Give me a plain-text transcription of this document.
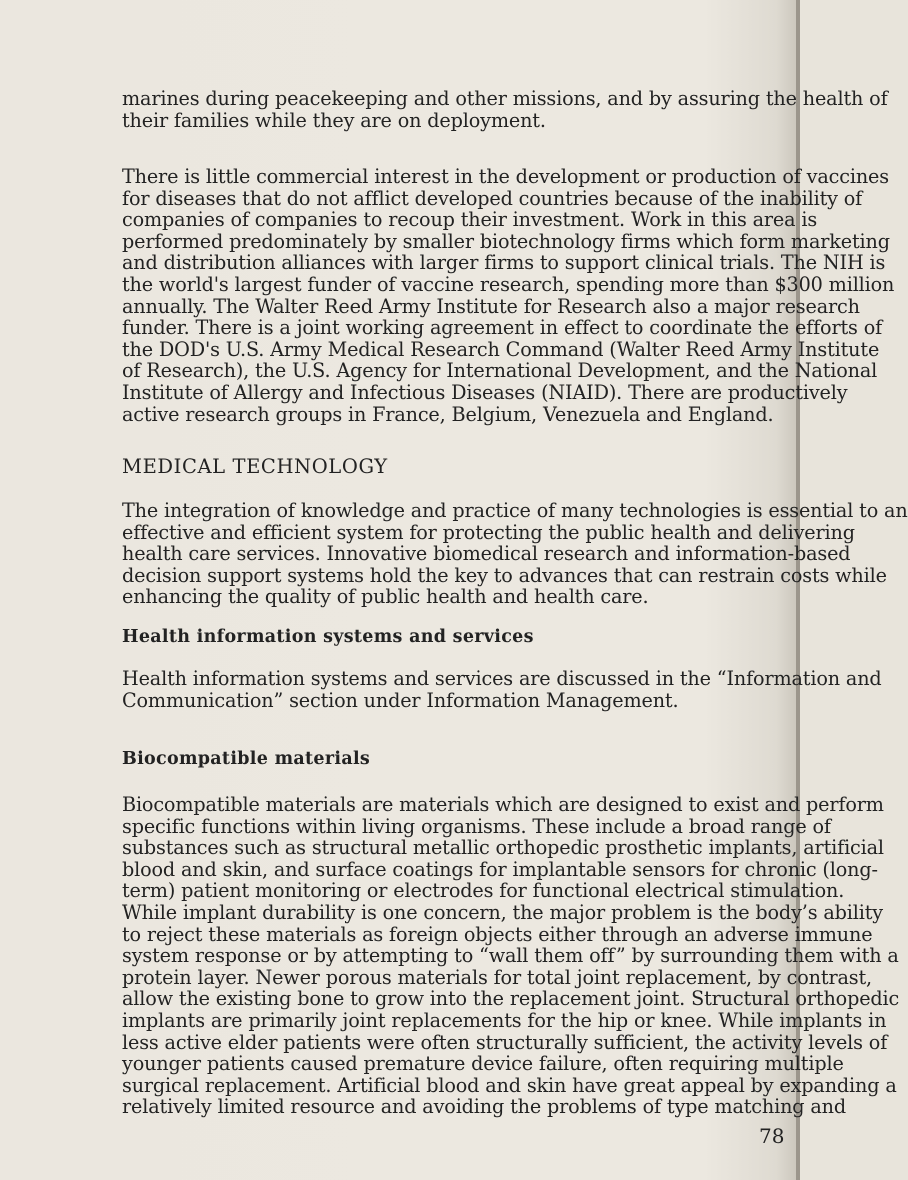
marines during peacekeeping and other missions, and by assuring the health of
their families while they are on deployment.

There is little commercial interest in the development or production of vaccines
for diseases that do not afflict developed countries because of the inability of
companies of companies to recoup their investment. Work in this area is
performed predominately by smaller biotechnology firms which form marketing
and distribution alliances with larger firms to support clinical trials. The NIH is
the world's largest funder of vaccine research, spending more than $300 million
annually. The Walter Reed Army Institute for Research also a major research
funder. There is a joint working agreement in effect to coordinate the efforts of
the DOD's U.S. Army Medical Research Command (Walter Reed Army Institute
of Research), the U.S. Agency for International Development, and the National
Institute of Allergy and Infectious Diseases (NIAID). There are productively
active research groups in France, Belgium, Venezuela and England.

MEDICAL TECHNOLOGY

The integration of knowledge and practice of many technologies is essential to an
effective and efficient system for protecting the public health and delivering
health care services. Innovative biomedical research and information-based
decision support systems hold the key to advances that can restrain costs while
enhancing the quality of public health and health care.

Health information systems and services

Health information systems and services are discussed in the “Information and
Communication” section under Information Management.

Biocompatible materials

Biocompatible materials are materials which are designed to exist and perform
specific functions within living organisms. These include a broad range of
substances such as structural metallic orthopedic prosthetic implants, artificial
blood and skin, and surface coatings for implantable sensors for chronic (long-
term) patient monitoring or electrodes for functional electrical stimulation.
While implant durability is one concern, the major problem is the body’s ability
to reject these materials as foreign objects either through an adverse immune
system response or by attempting to “wall them off” by surrounding them with a
protein layer. Newer porous materials for total joint replacement, by contrast,
allow the existing bone to grow into the replacement joint. Structural orthopedic
implants are primarily joint replacements for the hip or knee. While implants in
less active elder patients were often structurally sufficient, the activity levels of
younger patients caused premature device failure, often requiring multiple
surgical replacement. Artificial blood and skin have great appeal by expanding a
relatively limited resource and avoiding the problems of type matching and

78
